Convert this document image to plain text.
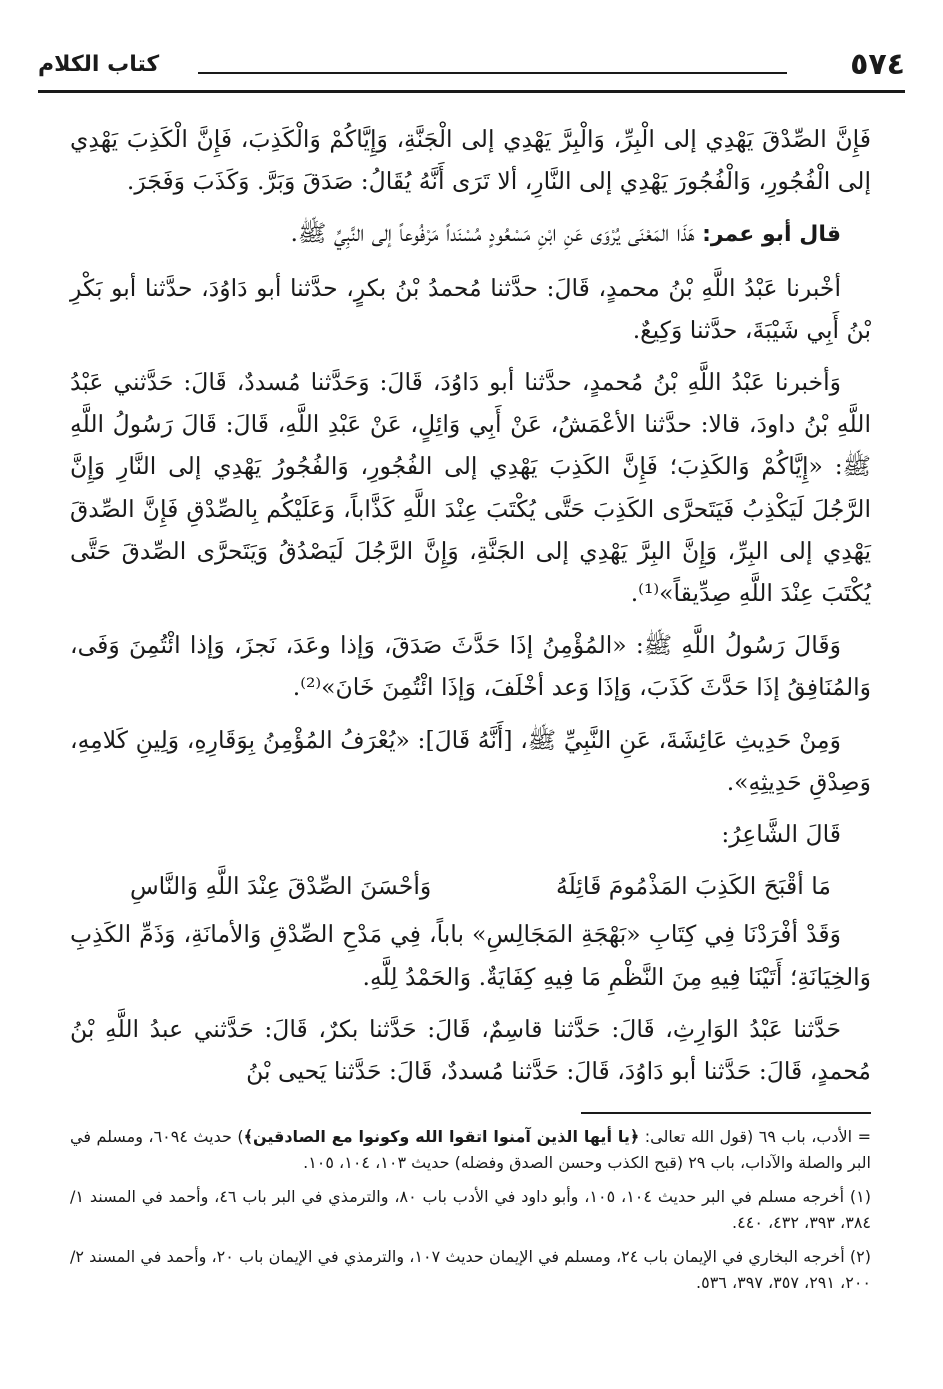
٥٧٤
كتاب الكلام

فَإِنَّ الصِّدْقَ يَهْدِي إلى الْبِرِّ، وَالْبِرَّ يَهْدِي إلى الْجَنَّةِ، وَإِيَّاكُمْ وَالْكَذِبَ، فَإِنَّ الْكَذِبَ يَهْدِي إلى الْفُجُورِ، وَالْفُجُورَ يَهْدِي إلى النَّارِ، ألا تَرَى أَنَّهُ يُقَالُ: صَدَقَ وَبَرَّ. وَكَذَبَ وَفَجَرَ.

قال أبو عمر: هَذَا المَعْنَى يُرْوَى عَنِ ابْنِ مَسْعُودٍ مُسْنَداً مَرْفُوعاً إلى النَّبِيِّ ﷺ.

أخْبرنا عَبْدُ اللَّهِ بْنُ محمدٍ، قَالَ: حدَّثنا مُحمدُ بْنُ بكرٍ، حدَّثنا أبو دَاوُدَ، حدَّثنا أبو بَكْرِ بْنُ أَبِي شَيْبَةَ، حدَّثنا وَكِيعٌ.

وَأخبرنا عَبْدُ اللَّهِ بْنُ مُحمدٍ، حدَّثنا أبو دَاوُدَ، قَالَ: وَحَدَّثنا مُسددٌ، قَالَ: حَدَّثني عَبْدُ اللَّهِ بْنُ داودَ، قالا: حدَّثنا الأعْمَشُ، عَنْ أَبِي وَائِلٍ، عَنْ عَبْدِ اللَّهِ، قَالَ: قَالَ رَسُولُ اللَّهِ ﷺ: «إِيَّاكُمْ وَالكَذِبَ؛ فَإِنَّ الكَذِبَ يَهْدِي إلى الفُجُورِ، وَالفُجُورُ يَهْدِي إلى النَّارِ وَإِنَّ الرَّجُلَ لَيَكْذِبُ فَيَتَحرَّى الكَذِبَ حَتَّى يُكْتَبَ عِنْدَ اللَّهِ كَذَّاباً، وَعَلَيْكُم بِالصِّدْقِ فَإِنَّ الصِّدقَ يَهْدِي إلى البِرِّ، وَإِنَّ البِرَّ يَهْدِي إلى الجَنَّةِ، وَإِنَّ الرَّجُلَ لَيَصْدُقُ وَيَتَحرَّى الصِّدقَ حَتَّى يُكْتَبَ عِنْدَ اللَّهِ صِدِّيقاً»⁽¹⁾.

وَقَالَ رَسُولُ اللَّهِ ﷺ: «المُؤْمِنُ إذَا حَدَّثَ صَدَقَ، وَإذا وعَدَ، نَجزَ، وَإذا ائْتُمِنَ وَفَى، وَالمُنَافِقُ إذَا حَدَّثَ كَذَبَ، وَإذَا وَعد أخْلَفَ، وَإذَا ائْتُمِنَ خَانَ»⁽²⁾.

وَمِنْ حَدِيثِ عَائِشَةَ، عَنِ النَّبِيِّ ﷺ، [أَنَّهُ قَالَ]: «يُعْرَفُ المُؤْمِنُ بِوَقَارِهِ، وَلِينِ كَلامِهِ، وَصِدْقِ حَدِيثِهِ».

قَالَ الشَّاعِرُ:

مَا أقْبَحَ الكَذِبَ المَذْمُومَ قَائِلَهُ
وَأحْسَنَ الصِّدْقَ عِنْدَ اللَّهِ وَالنَّاسِ

وَقَدْ أفْرَدْنَا فِي كِتَابِ «بَهْجَةِ المَجَالِسِ» باباً، فِي مَدْحِ الصِّدْقِ وَالأمانَةِ، وَذَمِّ الكَذِبِ وَالخِيَانَةِ؛ أَتَيْنَا فِيهِ مِنَ النَّظْمِ مَا فِيهِ كِفَايَةٌ. وَالحَمْدُ لِلَّهِ.

حَدَّثنا عَبْدُ الوَارِثِ، قَالَ: حَدَّثنا قاسِمٌ، قَالَ: حَدَّثنا بكرٌ، قَالَ: حَدَّثني عبدُ اللَّهِ بْنُ مُحمدٍ، قَالَ: حَدَّثنا أبو دَاوُدَ، قَالَ: حَدَّثنا مُسددٌ، قَالَ: حَدَّثنا يَحيى بْنُ

= الأدب، باب ٦٩ (قول الله تعالى: ﴿يا أيها الذين آمنوا اتقوا الله وكونوا مع الصادقين﴾) حديث ٦٠٩٤، ومسلم في البر والصلة والآداب، باب ٢٩ (قبح الكذب وحسن الصدق وفضله) حديث ١٠٣، ١٠٤، ١٠٥.

(١) أخرجه مسلم في البر حديث ١٠٤، ١٠٥، وأبو داود في الأدب باب ٨٠، والترمذي في البر باب ٤٦، وأحمد في المسند ١/ ٣٨٤، ٣٩٣، ٤٣٢، ٤٤٠.

(٢) أخرجه البخاري في الإيمان باب ٢٤، ومسلم في الإيمان حديث ١٠٧، والترمذي في الإيمان باب ٢٠، وأحمد في المسند ٢/ ٢٠٠، ٢٩١، ٣٥٧، ٣٩٧، ٥٣٦.
